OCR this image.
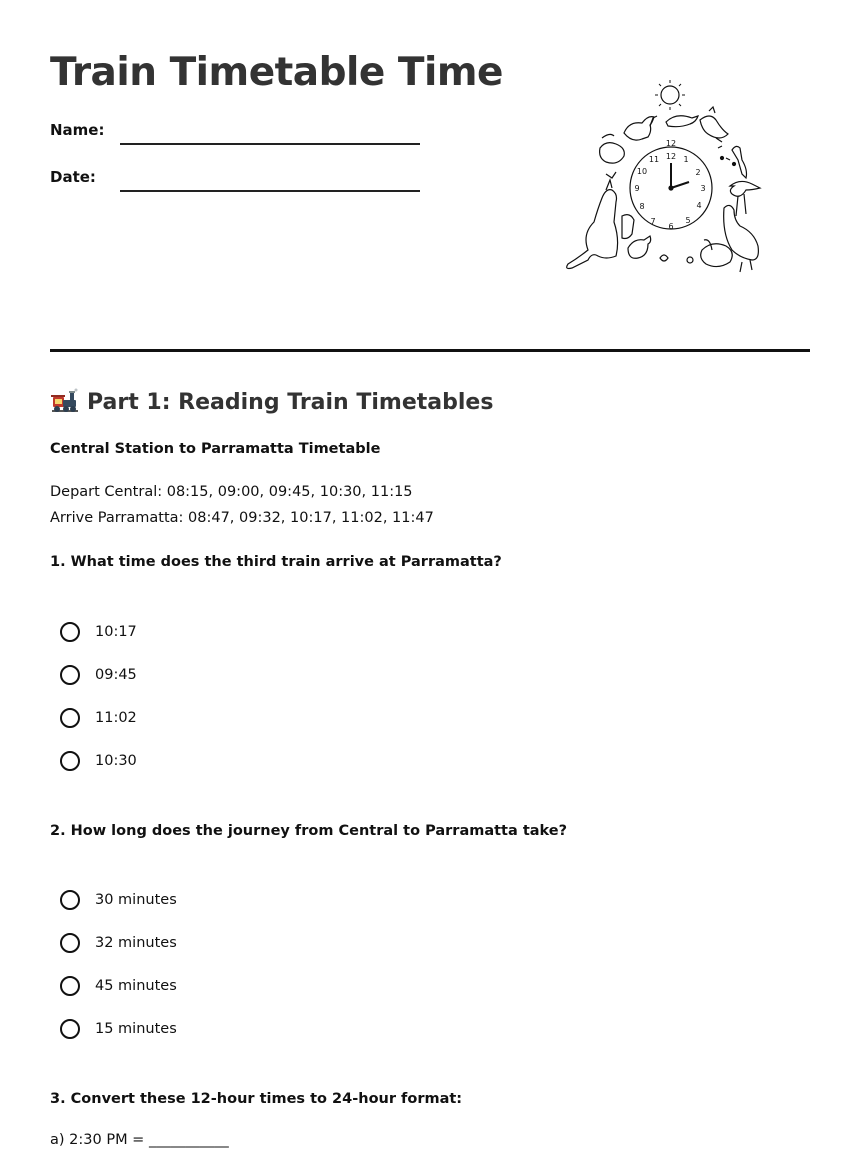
Train Timetable Time
Name:
Date:
12 1
2
3
4
5
6
7
8
9
10
11
12
Part 1: Reading Train Timetables
Central Station to Parramatta Timetable
Depart Central: 08:15, 09:00, 09:45, 10:30, 11:15
Arrive Parramatta: 08:47, 09:32, 10:17, 11:02, 11:47
1. What time does the third train arrive at Parramatta?
10:17
09:45
11:02
10:30
2. How long does the journey from Central to Parramatta take?
30 minutes
32 minutes
45 minutes
15 minutes
3. Convert these 12-hour times to 24-hour format:
a) 2:30 PM = ___________
